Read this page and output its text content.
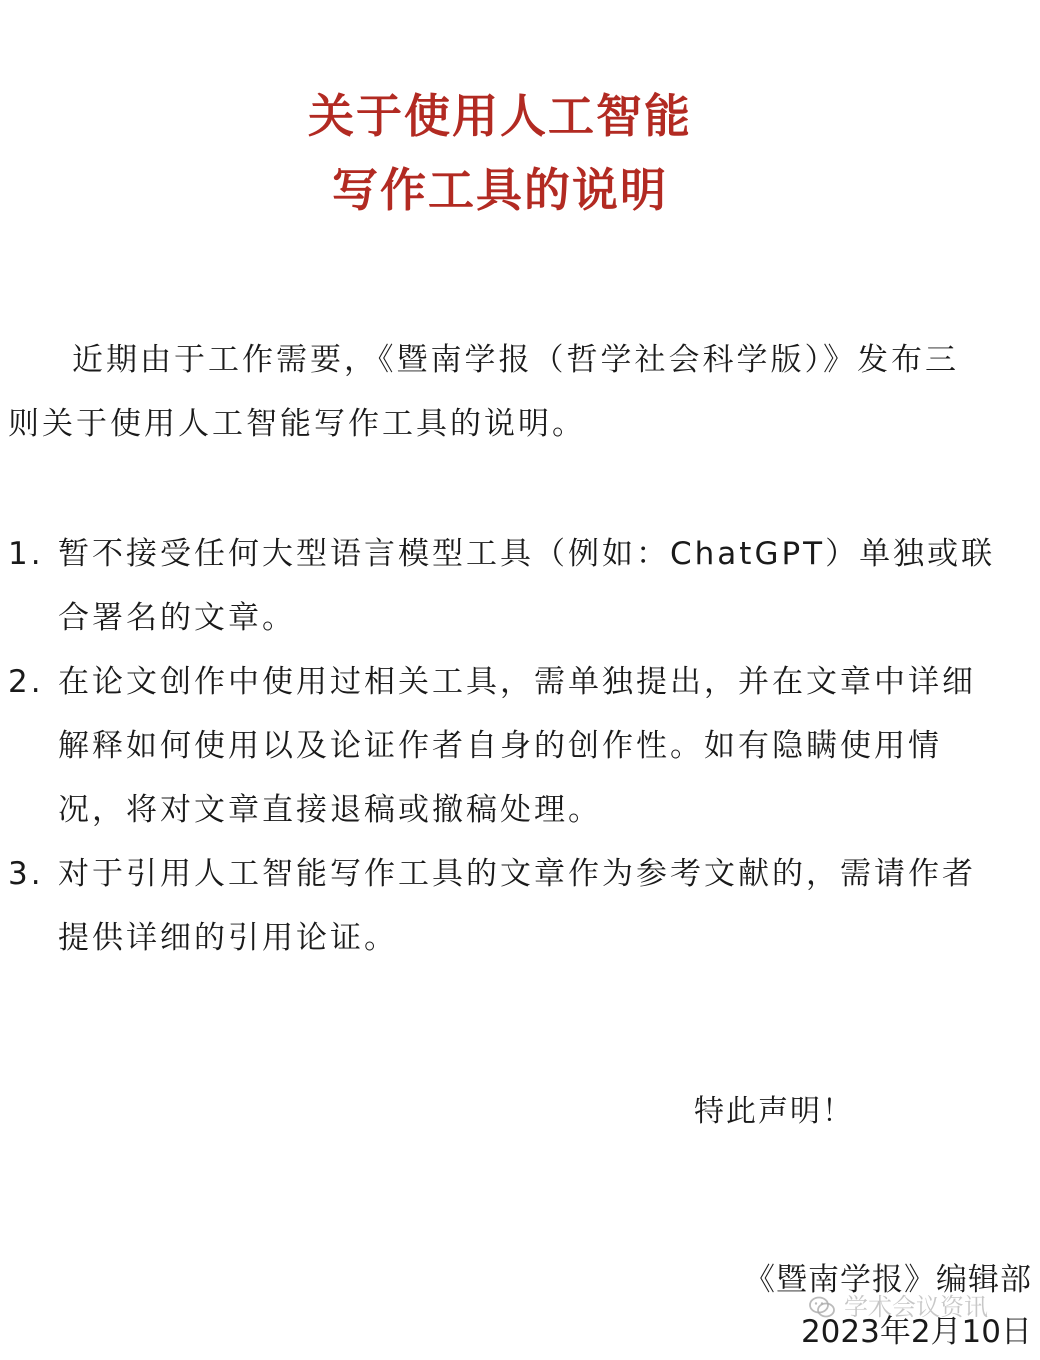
关于使用人工智能
写作工具的说明
近期由于工作需要，《暨南学报（哲学社会科学版）》发布三
则关于使用人工智能写作工具的说明。
1. 暂不接受任何大型语言模型工具（例如：ChatGPT）单独或联
合署名的文章。
2. 在论文创作中使用过相关工具，需单独提出，并在文章中详细
解释如何使用以及论证作者自身的创作性。如有隐瞒使用情
况，将对文章直接退稿或撤稿处理。
3. 对于引用人工智能写作工具的文章作为参考文献的，需请作者
提供详细的引用论证。
特此声明！
学术会议资讯
《暨南学报》编辑部
2023年2月10日
